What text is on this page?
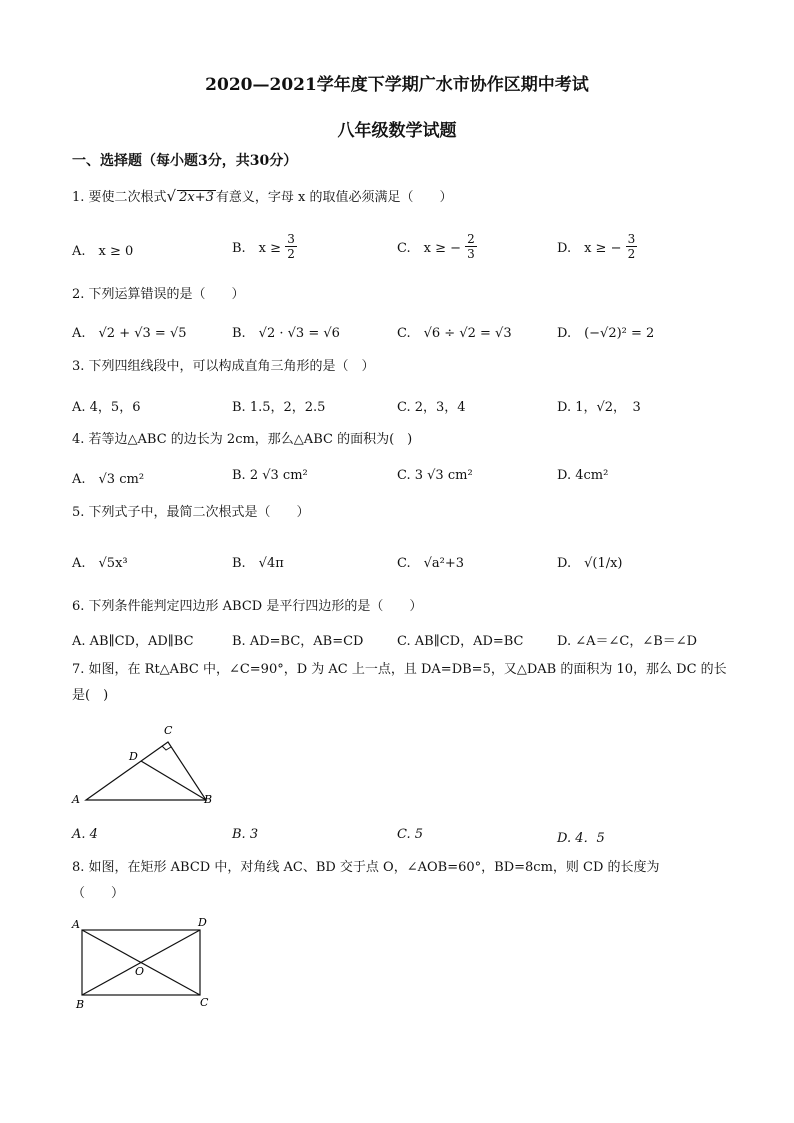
2020—2021学年度下学期广水市协作区期中考试
八年级数学试题
一、选择题（每小题3分，共30分）
1. 要使二次根式√ 2x+3 有意义，字母 x 的取值必须满足（　　）
A.　x ≥ 0	B.　$x \ge \frac{3}{2}$	C.　x ≥ − $\frac{2}{3}$	D.　x ≥ − $\frac{3}{2}$
2. 下列运算错误的是（　　）
A.　√2 + √3 = √5	B.　√2 · √3 = √6	C.　√6 ÷ √2 = √3	D.　(−√2)² = 2
3. 下列四组线段中，可以构成直角三角形的是（　）
A. 4，5，6	B. 1.5，2，2.5	C. 2，3，4	D. 1，√2，　3
4. 若等边△ABC 的边长为 2cm，那么△ABC 的面积为(　)
A.　√3 cm²	B. 2 √3 cm²	C. 3 √3 cm²	D. 4cm²
5. 下列式子中，最简二次根式是（　　）
A.　√5x³	B.　√4π	C.　√a²+3	D.　√(1/x)
6. 下列条件能判定四边形 ABCD 是平行四边形的是（　　）
A. AB∥CD，AD∥BC	B. AD=BC，AB=CD	C. AB∥CD，AD=BC	D. ∠A＝∠C，∠B＝∠D
7. 如图，在 Rt△ABC 中，∠C=90°，D 为 AC 上一点，且 DA=DB=5，又△DAB 的面积为 10，那么 DC 的长
是(　)
A	B
C
D
A. 4	B. 3	C. 5	D. 4．5
8. 如图，在矩形 ABCD 中，对角线 AC、BD 交于点 O，∠AOB=60°，BD=8cm，则 CD 的长度为
（　　）
A	D
B	C
O
